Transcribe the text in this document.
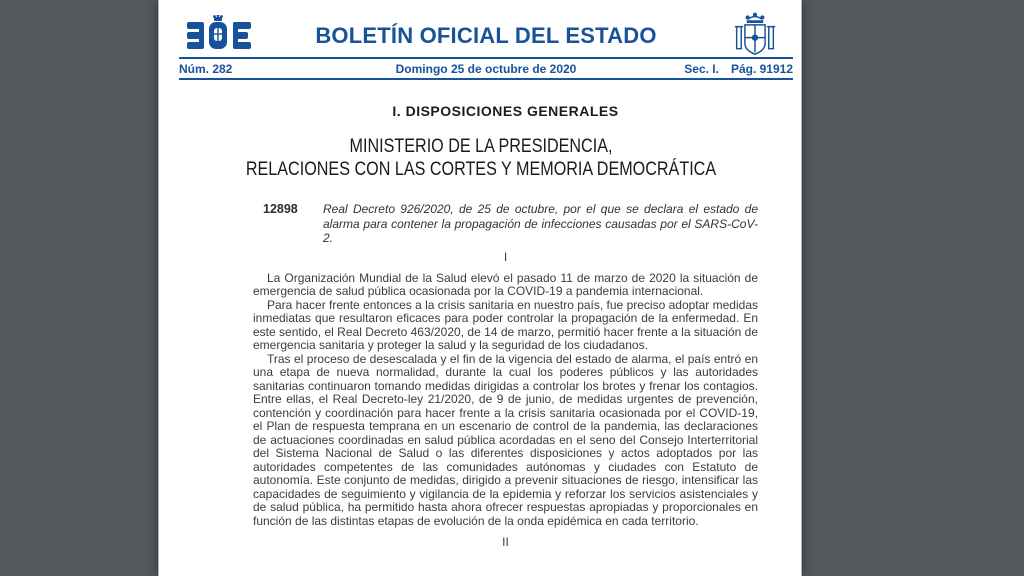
BOLETÍN OFICIAL DEL ESTADO
Núm. 282	Domingo 25 de octubre de 2020	Sec. I. Pág. 91912
I. DISPOSICIONES GENERALES
MINISTERIO DE LA PRESIDENCIA,
RELACIONES CON LAS CORTES Y MEMORIA DEMOCRÁTICA
12898	Real Decreto 926/2020, de 25 de octubre, por el que se declara el estado de alarma para contener la propagación de infecciones causadas por el SARS-CoV-2.
I

La Organización Mundial de la Salud elevó el pasado 11 de marzo de 2020 la situación de emergencia de salud pública ocasionada por la COVID-19 a pandemia internacional.

Para hacer frente entonces a la crisis sanitaria en nuestro país, fue preciso adoptar medidas inmediatas que resultaron eficaces para poder controlar la propagación de la enfermedad. En este sentido, el Real Decreto 463/2020, de 14 de marzo, permitió hacer frente a la situación de emergencia sanitaria y proteger la salud y la seguridad de los ciudadanos.

Tras el proceso de desescalada y el fin de la vigencia del estado de alarma, el país entró en una etapa de nueva normalidad, durante la cual los poderes públicos y las autoridades sanitarias continuaron tomando medidas dirigidas a controlar los brotes y frenar los contagios. Entre ellas, el Real Decreto-ley 21/2020, de 9 de junio, de medidas urgentes de prevención, contención y coordinación para hacer frente a la crisis sanitaria ocasionada por el COVID-19, el Plan de respuesta temprana en un escenario de control de la pandemia, las declaraciones de actuaciones coordinadas en salud pública acordadas en el seno del Consejo Interterritorial del Sistema Nacional de Salud o las diferentes disposiciones y actos adoptados por las autoridades competentes de las comunidades autónomas y ciudades con Estatuto de autonomía. Este conjunto de medidas, dirigido a prevenir situaciones de riesgo, intensificar las capacidades de seguimiento y vigilancia de la epidemia y reforzar los servicios asistenciales y de salud pública, ha permitido hasta ahora ofrecer respuestas apropiadas y proporcionales en función de las distintas etapas de evolución de la onda epidémica en cada territorio.

II
